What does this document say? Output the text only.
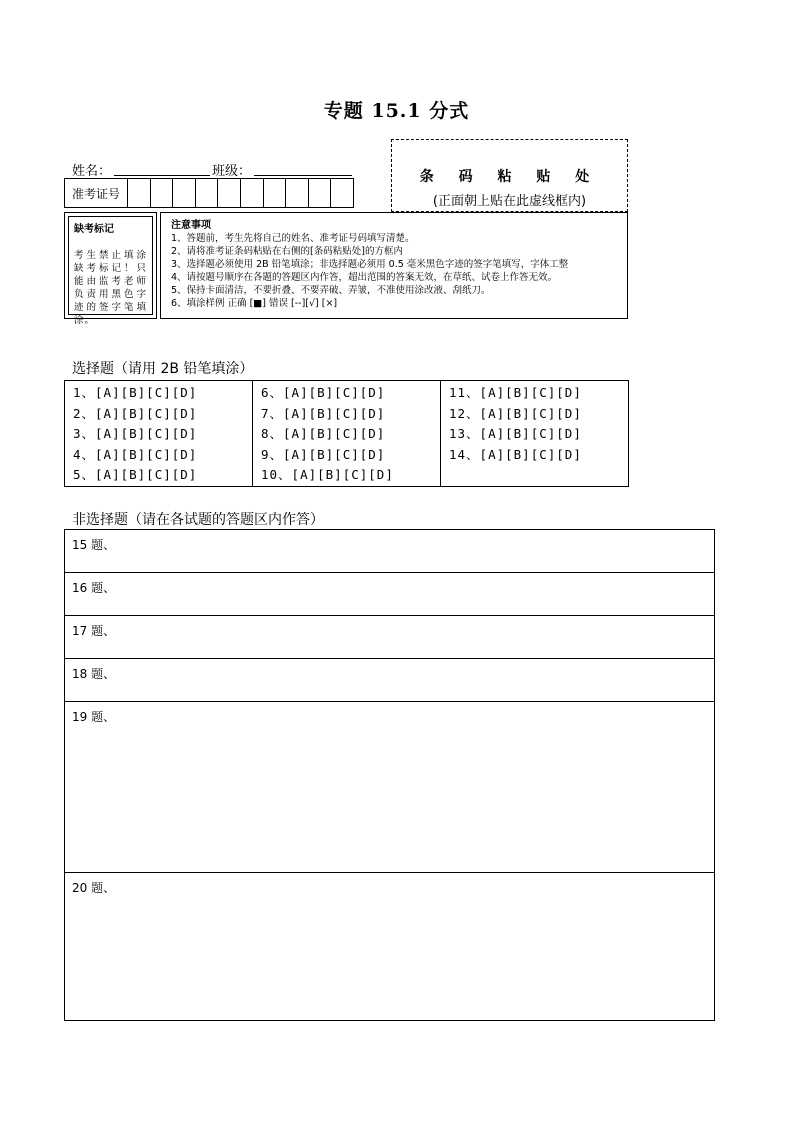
专题 15.1 分式
姓名：	班级：
准考证号
条 码 粘 贴 处
(正面朝上贴在此虚线框内)
缺考标记
考生禁止填涂缺考标记！只能由监考老师负责用黑色字迹的签字笔填涂。
注意事项
1、答题前，考生先将自己的姓名、准考证号码填写清楚。
2、请将准考证条码粘贴在右侧的[条码粘贴处]的方框内
3、选择题必须使用 2B 铅笔填涂；非选择题必须用 0.5 毫米黑色字迹的签字笔填写，字体工整
4、请按题号顺序在各题的答题区内作答，超出范围的答案无效，在草纸、试卷上作答无效。
5、保持卡面清洁，不要折叠、不要弄破、弄皱，不准使用涂改液、刮纸刀。
6、填涂样例 正确 [■] 错误 [--][√] [×]
选择题（请用 2B 铅笔填涂）
1、[A][B][C][D]
2、[A][B][C][D]
3、[A][B][C][D]
4、[A][B][C][D]
5、[A][B][C][D]
6、[A][B][C][D]
7、[A][B][C][D]
8、[A][B][C][D]
9、[A][B][C][D]
10、[A][B][C][D]
11、[A][B][C][D]
12、[A][B][C][D]
13、[A][B][C][D]
14、[A][B][C][D]
非选择题（请在各试题的答题区内作答）
15 题、
16 题、
17 题、
18 题、
19 题、
20 题、
